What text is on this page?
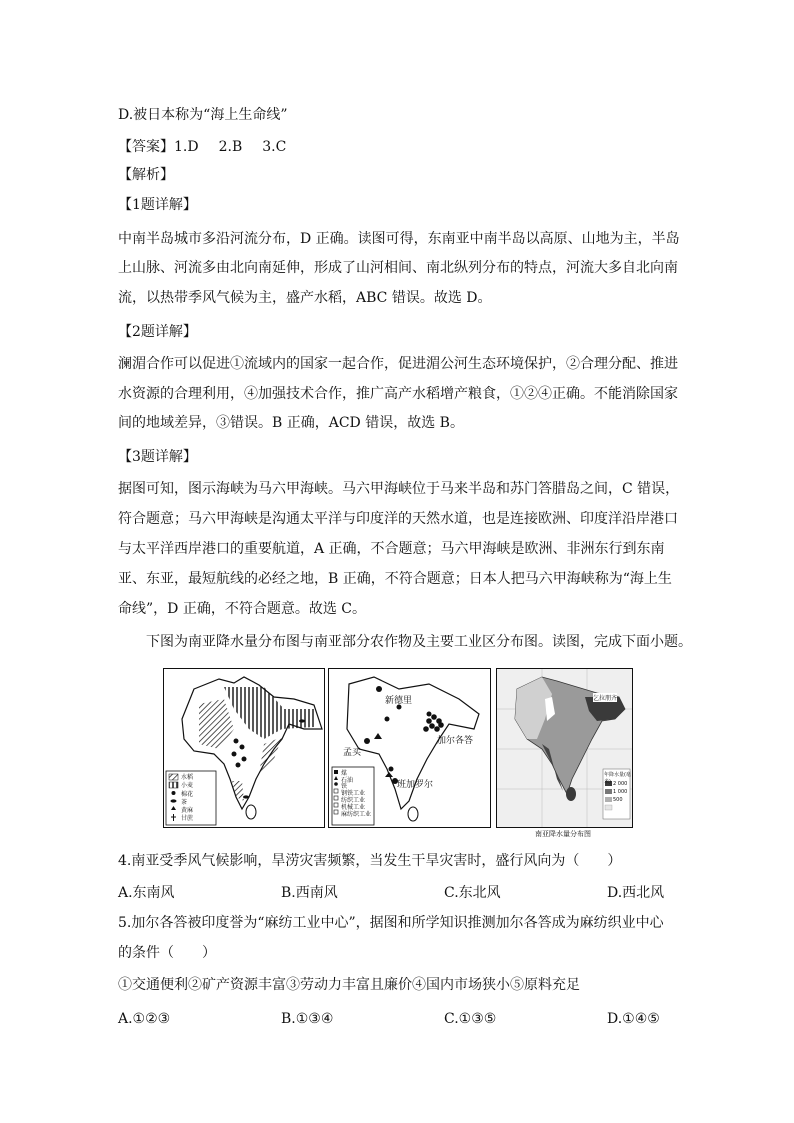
D.被日本称为“海上生命线”
【答案】1.D 2.B 3.C
【解析】
【1题详解】
中南半岛城市多沿河流分布，D 正确。读图可得，东南亚中南半岛以高原、山地为主，半岛
上山脉、河流多由北向南延伸，形成了山河相间、南北纵列分布的特点，河流大多自北向南
流，以热带季风气候为主，盛产水稻，ABC 错误。故选 D。
【2题详解】
澜湄合作可以促进①流域内的国家一起合作，促进湄公河生态环境保护，②合理分配、推进
水资源的合理利用，④加强技术合作，推广高产水稻增产粮食，①②④正确。不能消除国家
间的地域差异，③错误。B 正确，ACD 错误，故选 B。
【3题详解】
据图可知，图示海峡为马六甲海峡。马六甲海峡位于马来半岛和苏门答腊岛之间，C 错误，
符合题意；马六甲海峡是沟通太平洋与印度洋的天然水道，也是连接欧洲、印度洋沿岸港口
与太平洋西岸港口的重要航道，A 正确，不合题意；马六甲海峡是欧洲、非洲东行到东南
亚、东亚，最短航线的必经之地，B 正确，不符合题意；日本人把马六甲海峡称为“海上生
命线”，D 正确，不符合题意。故选 C。
下图为南亚降水量分布图与南亚部分农作物及主要工业区分布图。读图，完成下面小题。
水稻
小麦
棉花
茶
黄麻
甘蔗
新德里
加尔各答
孟买
班加罗尔
煤
石油
铁
钢铁工业
纺织工业
机械工业
麻纺织工业
乞拉朋齐
年降水量(毫米) 2 000
1 000
500
南亚降水量分布图
4.南亚受季风气候影响，旱涝灾害频繁，当发生干旱灾害时，盛行风向为（　　）
A.东南风	B.西南风	C.东北风	D.西北风
5.加尔各答被印度誉为“麻纺工业中心”，据图和所学知识推测加尔各答成为麻纺织业中心
的条件（　　）
①交通便利②矿产资源丰富③劳动力丰富且廉价④国内市场狭小⑤原料充足
A.①②③	B.①③④	C.①③⑤	D.①④⑤
